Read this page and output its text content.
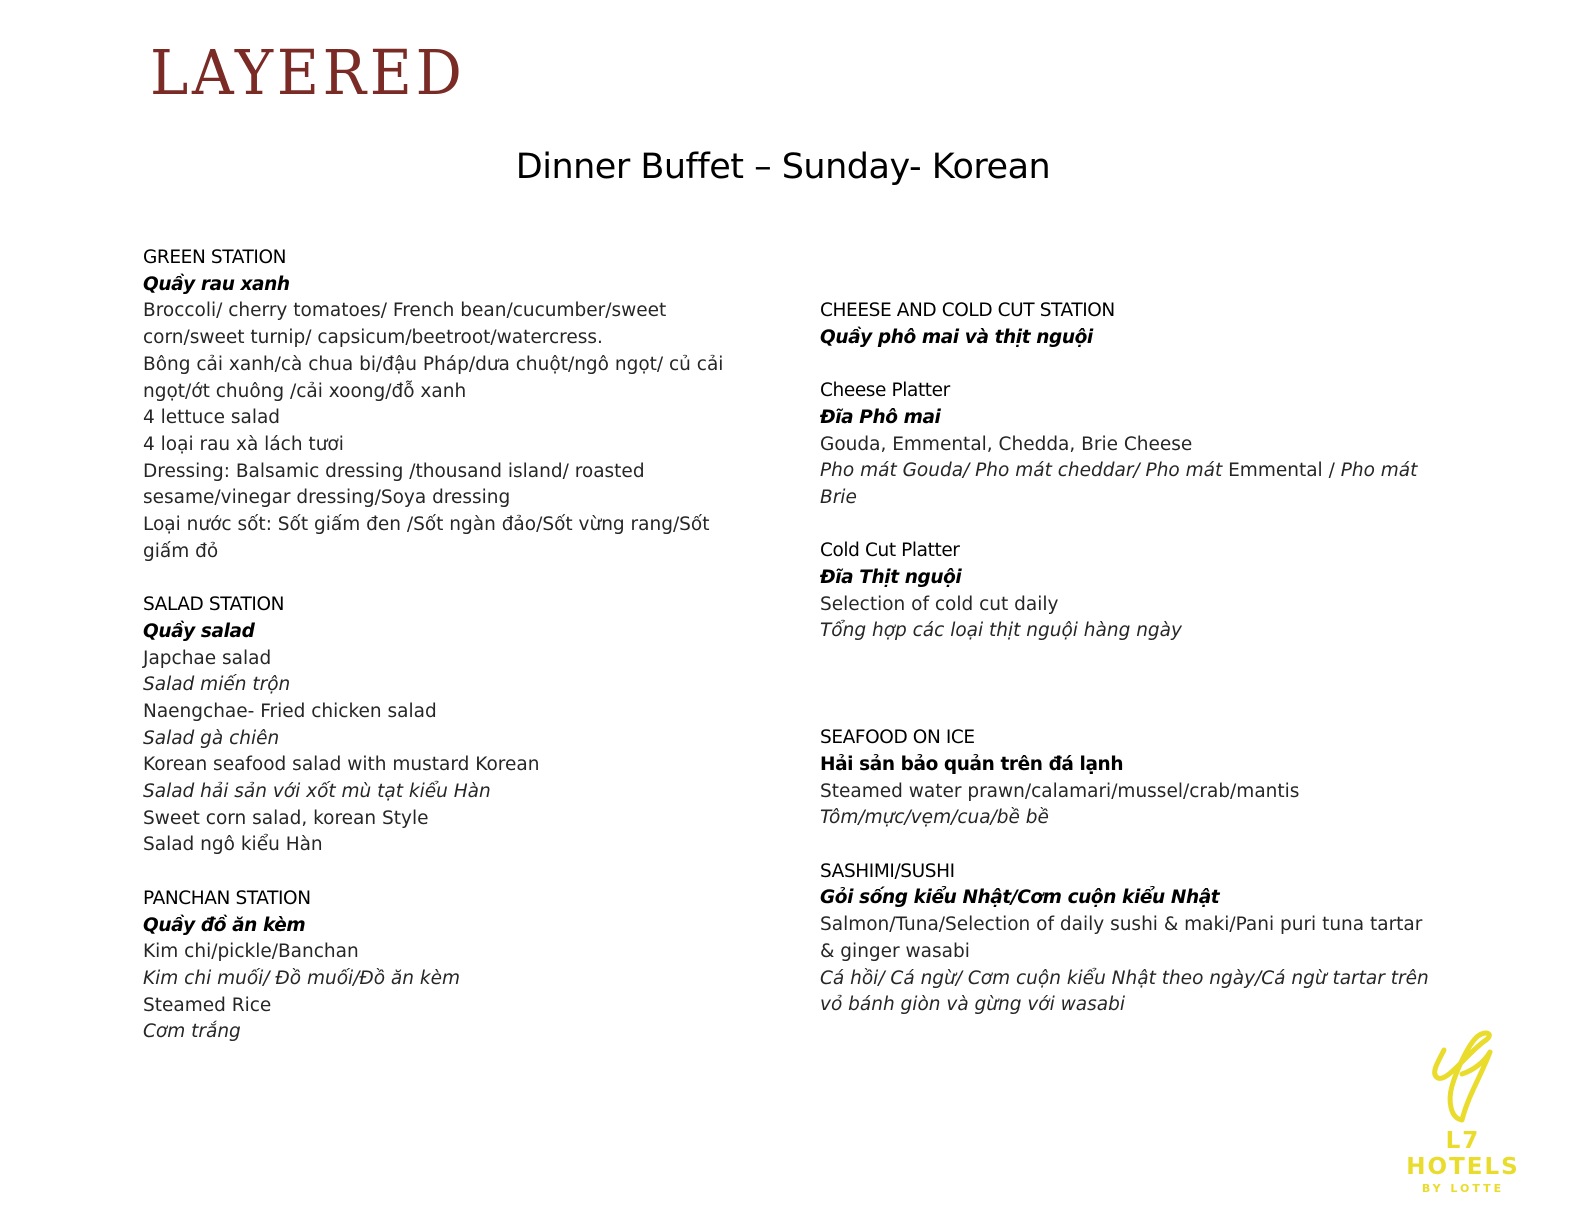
LAYERED
Dinner Buffet – Sunday- Korean
GREEN STATION
Quầy rau xanh
Broccoli/ cherry tomatoes/ French bean/cucumber/sweet corn/sweet turnip/ capsicum/beetroot/watercress.
Bông cải xanh/cà chua bi/đậu Pháp/dưa chuột/ngô ngọt/ củ cải ngọt/ớt chuông /cải xoong/đỗ xanh
4 lettuce salad
4 loại rau xà lách tươi
Dressing: Balsamic dressing /thousand island/ roasted sesame/vinegar dressing/Soya dressing
Loại nước sốt: Sốt giấm đen /Sốt ngàn đảo/Sốt vừng rang/Sốt giấm đỏ
SALAD STATION
Quầy salad
Japchae salad
Salad miến trộn
Naengchae- Fried chicken salad
Salad gà chiên
Korean seafood salad with mustard Korean
Salad hải sản với xốt mù tạt kiểu Hàn
Sweet corn salad, korean Style
Salad ngô kiểu Hàn
PANCHAN STATION
Quầy đồ ăn kèm
Kim chi/pickle/Banchan
Kim chi muối/ Đồ muối/Đồ ăn kèm
Steamed Rice
Cơm trắng
CHEESE AND COLD CUT STATION
Quầy phô mai và thịt nguội
Cheese Platter
Đĩa Phô mai
Gouda, Emmental, Chedda, Brie Cheese
Pho mát Gouda/ Pho mát cheddar/ Pho mát Emmental / Pho mát Brie
Cold Cut Platter
Đĩa Thịt nguội
Selection of cold cut daily
Tổng hợp các loại thịt nguội hàng ngày
SEAFOOD ON ICE
Hải sản bảo quản trên đá lạnh
Steamed water prawn/calamari/mussel/crab/mantis
Tôm/mực/vẹm/cua/bề bề
SASHIMI/SUSHI
Gỏi sống kiểu Nhật/Cơm cuộn kiểu Nhật
Salmon/Tuna/Selection of daily sushi & maki/Pani puri tuna tartar & ginger wasabi
Cá hồi/ Cá ngừ/ Cơm cuộn kiểu Nhật theo ngày/Cá ngừ tartar trên vỏ bánh giòn và gừng với wasabi
L7 HOTELS
BY LOTTE
